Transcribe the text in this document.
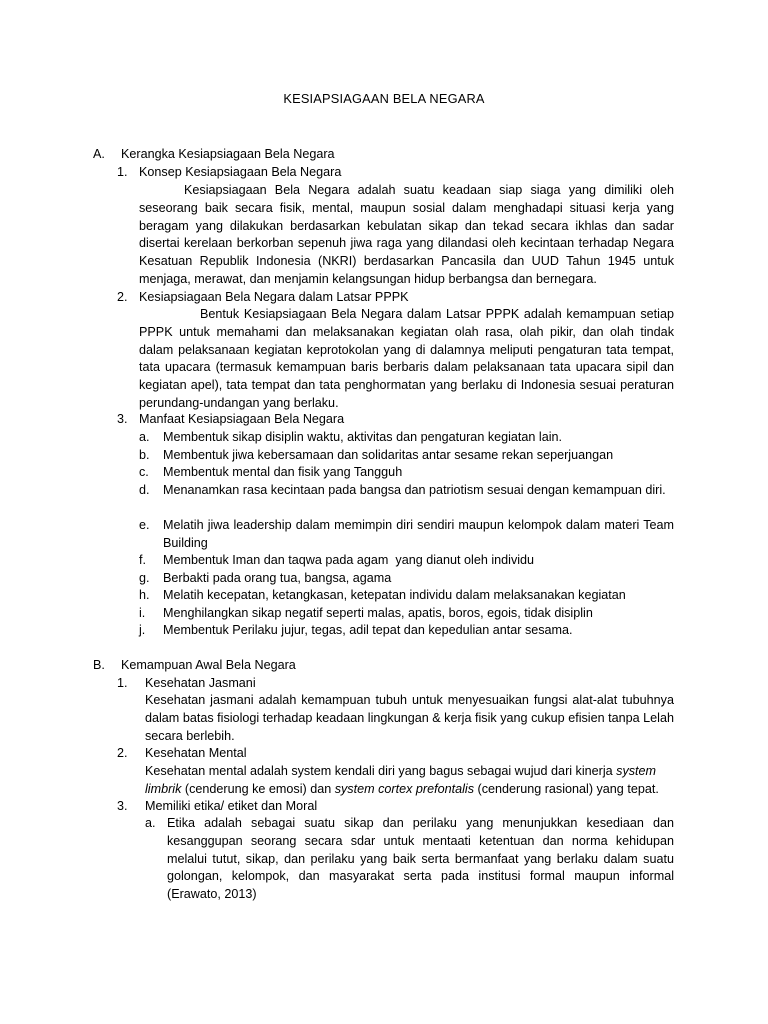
KESIAPSIAGAAN BELA NEGARA
A. Kerangka Kesiapsiagaan Bela Negara
1. Konsep Kesiapsiagaan Bela Negara
Kesiapsiagaan Bela Negara adalah suatu keadaan siap siaga yang dimiliki oleh seseorang baik secara fisik, mental, maupun sosial dalam menghadapi situasi kerja yang beragam yang dilakukan berdasarkan kebulatan sikap dan tekad secara ikhlas dan sadar disertai kerelaan berkorban sepenuh jiwa raga yang dilandasi oleh kecintaan terhadap Negara Kesatuan Republik Indonesia (NKRI) berdasarkan Pancasila dan UUD Tahun 1945 untuk menjaga, merawat, dan menjamin kelangsungan hidup berbangsa dan bernegara.
2. Kesiapsiagaan Bela Negara dalam Latsar PPPK
Bentuk Kesiapsiagaan Bela Negara dalam Latsar PPPK adalah kemampuan setiap PPPK untuk memahami dan melaksanakan kegiatan olah rasa, olah pikir, dan olah tindak dalam pelaksanaan kegiatan keprotokolan yang di dalamnya meliputi pengaturan tata tempat, tata upacara (termasuk kemampuan baris berbaris dalam pelaksanaan tata upacara sipil dan kegiatan apel), tata tempat dan tata penghormatan yang berlaku di Indonesia sesuai peraturan perundang-undangan yang berlaku.
3. Manfaat Kesiapsiagaan Bela Negara
a. Membentuk sikap disiplin waktu, aktivitas dan pengaturan kegiatan lain.
b. Membentuk jiwa kebersamaan dan solidaritas antar sesame rekan seperjuangan
c. Membentuk mental dan fisik yang Tangguh
d. Menanamkan rasa kecintaan pada bangsa dan patriotism sesuai dengan kemampuan diri.
e. Melatih jiwa leadership dalam memimpin diri sendiri maupun kelompok dalam materi Team Building
f. Membentuk Iman dan taqwa pada agam  yang dianut oleh individu
g. Berbakti pada orang tua, bangsa, agama
h. Melatih kecepatan, ketangkasan, ketepatan individu dalam melaksanakan kegiatan
i. Menghilangkan sikap negatif seperti malas, apatis, boros, egois, tidak disiplin
j. Membentuk Perilaku jujur, tegas, adil tepat dan kepedulian antar sesama.
B. Kemampuan Awal Bela Negara
1. Kesehatan Jasmani
Kesehatan jasmani adalah kemampuan tubuh untuk menyesuaikan fungsi alat-alat tubuhnya dalam batas fisiologi terhadap keadaan lingkungan & kerja fisik yang cukup efisien tanpa Lelah secara berlebih.
2. Kesehatan Mental
Kesehatan mental adalah system kendali diri yang bagus sebagai wujud dari kinerja system limbrik (cenderung ke emosi) dan system cortex prefontalis (cenderung rasional) yang tepat.
3. Memiliki etika/ etiket dan Moral
a. Etika adalah sebagai suatu sikap dan perilaku yang menunjukkan kesediaan dan kesanggupan seorang secara sdar untuk mentaati ketentuan dan norma kehidupan melalui tutut, sikap, dan perilaku yang baik serta bermanfaat yang berlaku dalam suatu golongan, kelompok, dan masyarakat serta pada institusi formal maupun informal (Erawato, 2013)
